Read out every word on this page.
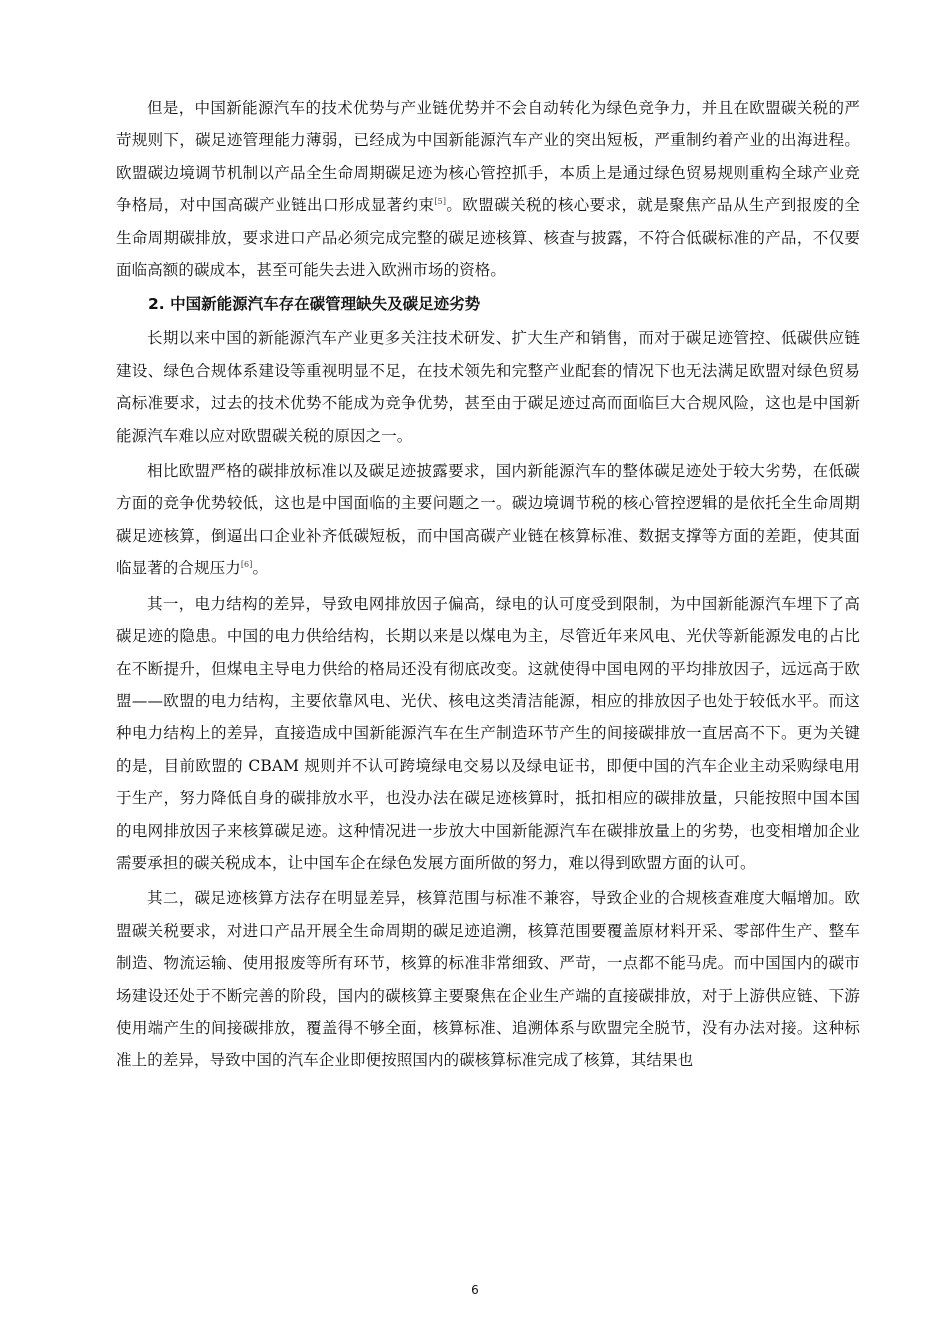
但是，中国新能源汽车的技术优势与产业链优势并不会自动转化为绿色竞争力，并且在欧盟碳关税的严苛规则下，碳足迹管理能力薄弱，已经成为中国新能源汽车产业的突出短板，严重制约着产业的出海进程。欧盟碳边境调节机制以产品全生命周期碳足迹为核心管控抓手，本质上是通过绿色贸易规则重构全球产业竞争格局，对中国高碳产业链出口形成显著约束[5]。欧盟碳关税的核心要求，就是聚焦产品从生产到报废的全生命周期碳排放，要求进口产品必须完成完整的碳足迹核算、核查与披露，不符合低碳标准的产品，不仅要面临高额的碳成本，甚至可能失去进入欧洲市场的资格。

2. 中国新能源汽车存在碳管理缺失及碳足迹劣势

长期以来中国的新能源汽车产业更多关注技术研发、扩大生产和销售，而对于碳足迹管控、低碳供应链建设、绿色合规体系建设等重视明显不足，在技术领先和完整产业配套的情况下也无法满足欧盟对绿色贸易高标准要求，过去的技术优势不能成为竞争优势，甚至由于碳足迹过高而面临巨大合规风险，这也是中国新能源汽车难以应对欧盟碳关税的原因之一。

相比欧盟严格的碳排放标准以及碳足迹披露要求，国内新能源汽车的整体碳足迹处于较大劣势，在低碳方面的竞争优势较低，这也是中国面临的主要问题之一。碳边境调节税的核心管控逻辑的是依托全生命周期碳足迹核算，倒逼出口企业补齐低碳短板，而中国高碳产业链在核算标准、数据支撑等方面的差距，使其面临显著的合规压力[6]。

其一，电力结构的差异，导致电网排放因子偏高，绿电的认可度受到限制，为中国新能源汽车埋下了高碳足迹的隐患。中国的电力供给结构，长期以来是以煤电为主，尽管近年来风电、光伏等新能源发电的占比在不断提升，但煤电主导电力供给的格局还没有彻底改变。这就使得中国电网的平均排放因子，远远高于欧盟——欧盟的电力结构，主要依靠风电、光伏、核电这类清洁能源，相应的排放因子也处于较低水平。而这种电力结构上的差异，直接造成中国新能源汽车在生产制造环节产生的间接碳排放一直居高不下。更为关键的是，目前欧盟的 CBAM 规则并不认可跨境绿电交易以及绿电证书，即便中国的汽车企业主动采购绿电用于生产，努力降低自身的碳排放水平，也没办法在碳足迹核算时，抵扣相应的碳排放量，只能按照中国本国的电网排放因子来核算碳足迹。这种情况进一步放大中国新能源汽车在碳排放量上的劣势，也变相增加企业需要承担的碳关税成本，让中国车企在绿色发展方面所做的努力，难以得到欧盟方面的认可。

其二，碳足迹核算方法存在明显差异，核算范围与标准不兼容，导致企业的合规核查难度大幅增加。欧盟碳关税要求，对进口产品开展全生命周期的碳足迹追溯，核算范围要覆盖原材料开采、零部件生产、整车制造、物流运输、使用报废等所有环节，核算的标准非常细致、严苛，一点都不能马虎。而中国国内的碳市场建设还处于不断完善的阶段，国内的碳核算主要聚焦在企业生产端的直接碳排放，对于上游供应链、下游使用端产生的间接碳排放，覆盖得不够全面，核算标准、追溯体系与欧盟完全脱节，没有办法对接。这种标准上的差异，导致中国的汽车企业即便按照国内的碳核算标准完成了核算，其结果也

6
